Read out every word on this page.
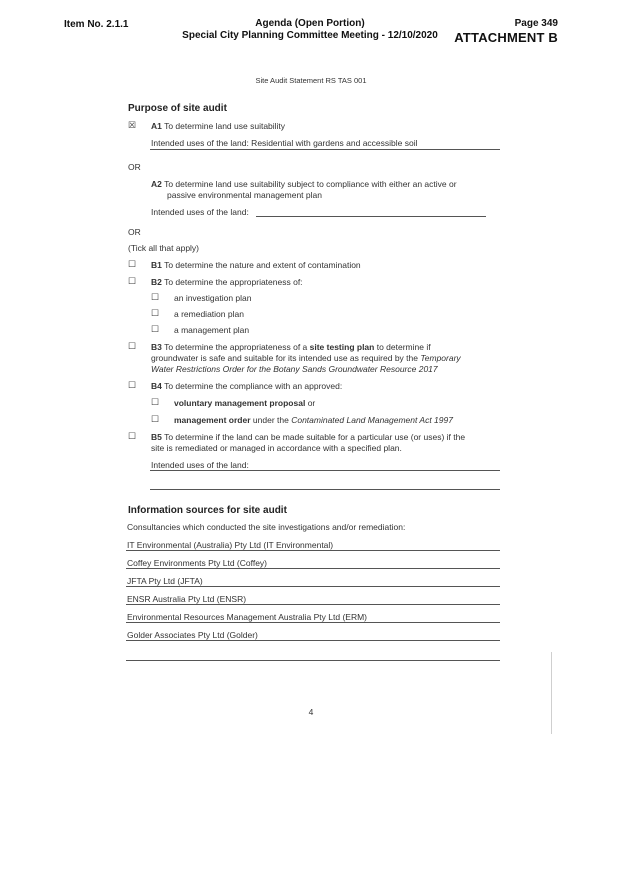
Item No. 2.1.1	Agenda (Open Portion)
Special City Planning Committee Meeting - 12/10/2020
Page 349
ATTACHMENT B
Site Audit Statement RS TAS 001
Purpose of site audit
☒ A1 To determine land use suitability
Intended uses of the land: Residential with gardens and accessible soil
OR
A2 To determine land use suitability subject to compliance with either an active or
passive environmental management plan
Intended uses of the land:
OR
(Tick all that apply)
☐ B1 To determine the nature and extent of contamination
☐ B2 To determine the appropriateness of:
☐ an investigation plan
☐ a remediation plan
☐ a management plan
☐ B3 To determine the appropriateness of a site testing plan to determine if
groundwater is safe and suitable for its intended use as required by the Temporary
Water Restrictions Order for the Botany Sands Groundwater Resource 2017
☐ B4 To determine the compliance with an approved:
☐ voluntary management proposal or
☐ management order under the Contaminated Land Management Act 1997
☐ B5 To determine if the land can be made suitable for a particular use (or uses) if the
site is remediated or managed in accordance with a specified plan.
Intended uses of the land:
Information sources for site audit
Consultancies which conducted the site investigations and/or remediation:
IT Environmental (Australia) Pty Ltd (IT Environmental)
Coffey Environments Pty Ltd (Coffey)
JFTA Pty Ltd (JFTA)
ENSR Australia Pty Ltd (ENSR)
Environmental Resources Management Australia Pty Ltd (ERM)
Golder Associates Pty Ltd (Golder)
4
